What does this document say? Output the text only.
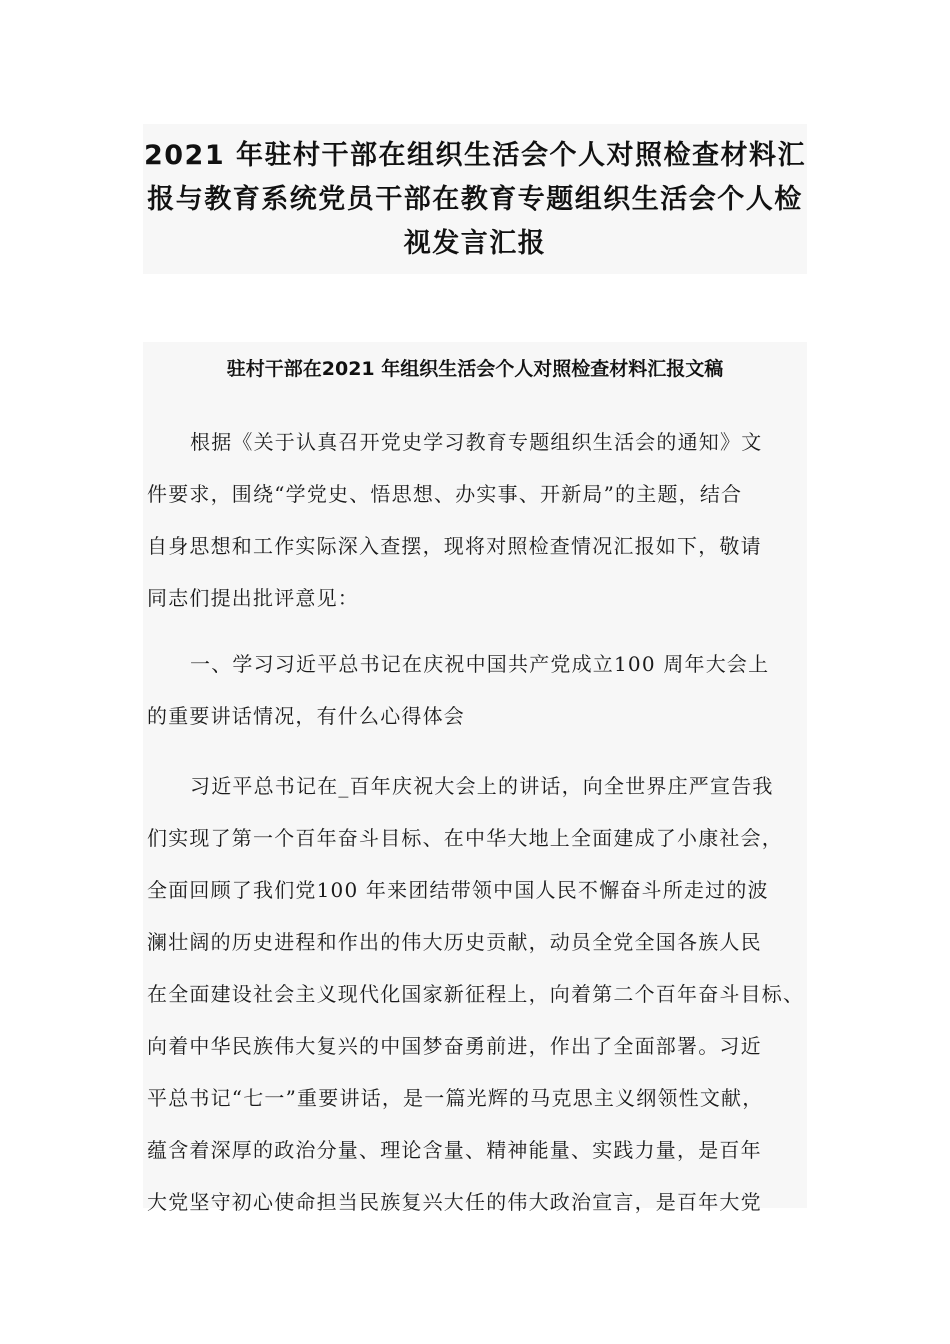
2021 年驻村干部在组织生活会个人对照检查材料汇
报与教育系统党员干部在教育专题组织生活会个人检
视发言汇报
驻村干部在2021 年组织生活会个人对照检查材料汇报文稿

根据《关于认真召开党史学习教育专题组织生活会的通知》文
件要求，围绕“学党史、悟思想、办实事、开新局”的主题，结合
自身思想和工作实际深入查摆，现将对照检查情况汇报如下，敬请
同志们提出批评意见：

一、学习习近平总书记在庆祝中国共产党成立100 周年大会上
的重要讲话情况，有什么心得体会

习近平总书记在_百年庆祝大会上的讲话，向全世界庄严宣告我
们实现了第一个百年奋斗目标、在中华大地上全面建成了小康社会，
全面回顾了我们党100 年来团结带领中国人民不懈奋斗所走过的波
澜壮阔的历史进程和作出的伟大历史贡献，动员全党全国各族人民
在全面建设社会主义现代化国家新征程上，向着第二个百年奋斗目标、
向着中华民族伟大复兴的中国梦奋勇前进，作出了全面部署。习近
平总书记“七一”重要讲话，是一篇光辉的马克思主义纲领性文献，
蕴含着深厚的政治分量、理论含量、精神能量、实践力量，是百年
大党坚守初心使命担当民族复兴大任的伟大政治宣言，是百年大党
